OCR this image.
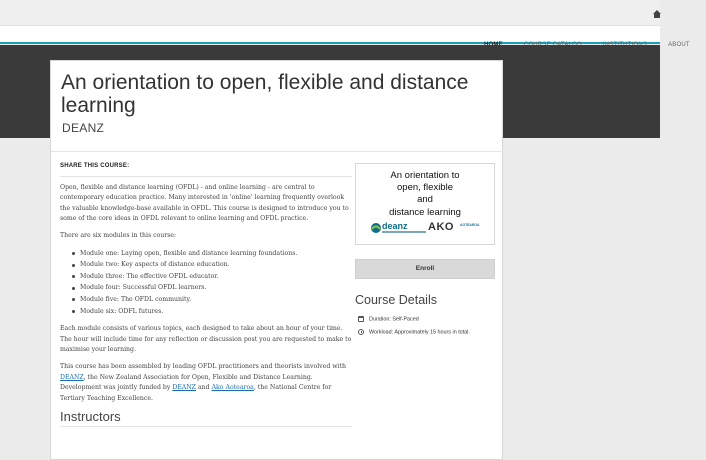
ABOUT
An orientation to open, flexible and distance learning
DEANZ
SHARE THIS COURSE:

Open, flexible and distance learning (OFDL) - and online learning - are central to contemporary education practice. Many interested in 'online' learning frequently overlook the valuable knowledge-base available in OFDL. This course is designed to introduce you to some of the core ideas in OFDL relevant to online learning and OFDL practice.

There are six modules in this course:

Module one: Laying open, flexible and distance learning foundations.
Module two: Key aspects of distance education.
Module three: The effective OFDL educator.
Module four: Successful OFDL learners.
Module five: The OFDL community.
Module six: ODFL futures.

Each module consists of various topics, each designed to take about an hour of your time. The hour will include time for any reflection or discussion post you are requested to make to maximise your learning.

This course has been assembled by leading OFDL practitioners and theorists involved with DEANZ, the New Zealand Association for Open, Flexible and Distance Learning. Development was jointly funded by DEANZ and Ako Aotearoa, the National Centre for Tertiary Teaching Excellence.

Instructors
An orientation to
open, flexible
and
distance learning
deanz AKO AOTEAROA
Enroll
Course Details
Duration: Self-Paced
Workload: Approximately 15 hours in total.
